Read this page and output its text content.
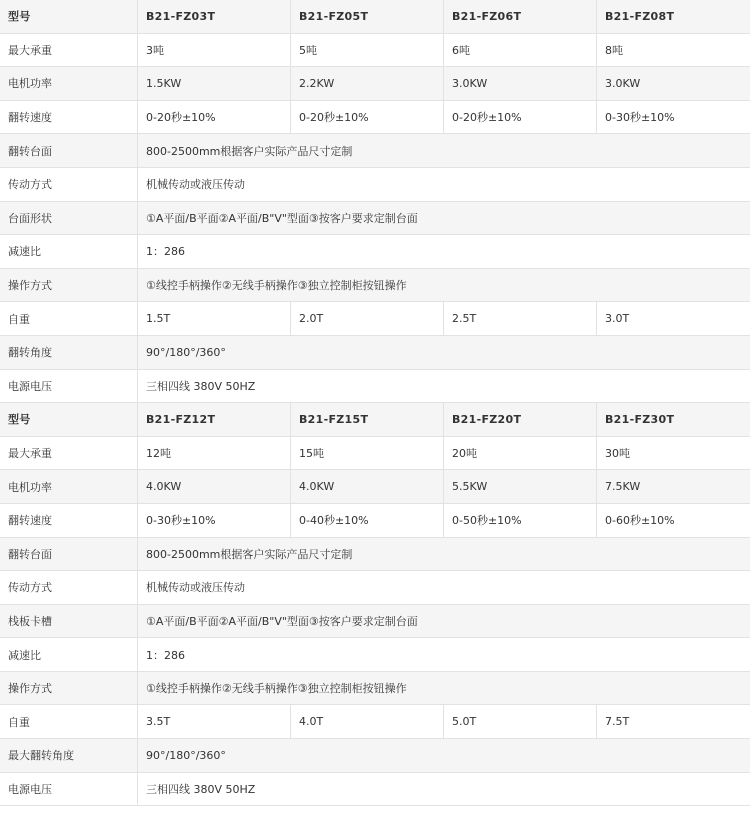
型号	B21-FZ03T	B21-FZ05T	B21-FZ06T	B21-FZ08T
最大承重	3吨	5吨	6吨	8吨
电机功率	1.5KW	2.2KW	3.0KW	3.0KW
翻转速度	0-20秒±10%	0-20秒±10%	0-20秒±10%	0-30秒±10%
翻转台面	800-2500mm根据客户实际产品尺寸定制
传动方式	机械传动或液压传动
台面形状	①A平面/B平面②A平面/B"V"型面③按客户要求定制台面
减速比	1：286
操作方式	①线控手柄操作②无线手柄操作③独立控制柜按钮操作
自重	1.5T	2.0T	2.5T	3.0T
翻转角度	90°/180°/360°
电源电压	三相四线 380V 50HZ
型号	B21-FZ12T	B21-FZ15T	B21-FZ20T	B21-FZ30T
最大承重	12吨	15吨	20吨	30吨
电机功率	4.0KW	4.0KW	5.5KW	7.5KW
翻转速度	0-30秒±10%	0-40秒±10%	0-50秒±10%	0-60秒±10%
翻转台面	800-2500mm根据客户实际产品尺寸定制
传动方式	机械传动或液压传动
栈板卡槽	①A平面/B平面②A平面/B"V"型面③按客户要求定制台面
减速比	1：286
操作方式	①线控手柄操作②无线手柄操作③独立控制柜按钮操作
自重	3.5T	4.0T	5.0T	7.5T
最大翻转角度	90°/180°/360°
电源电压	三相四线 380V 50HZ
